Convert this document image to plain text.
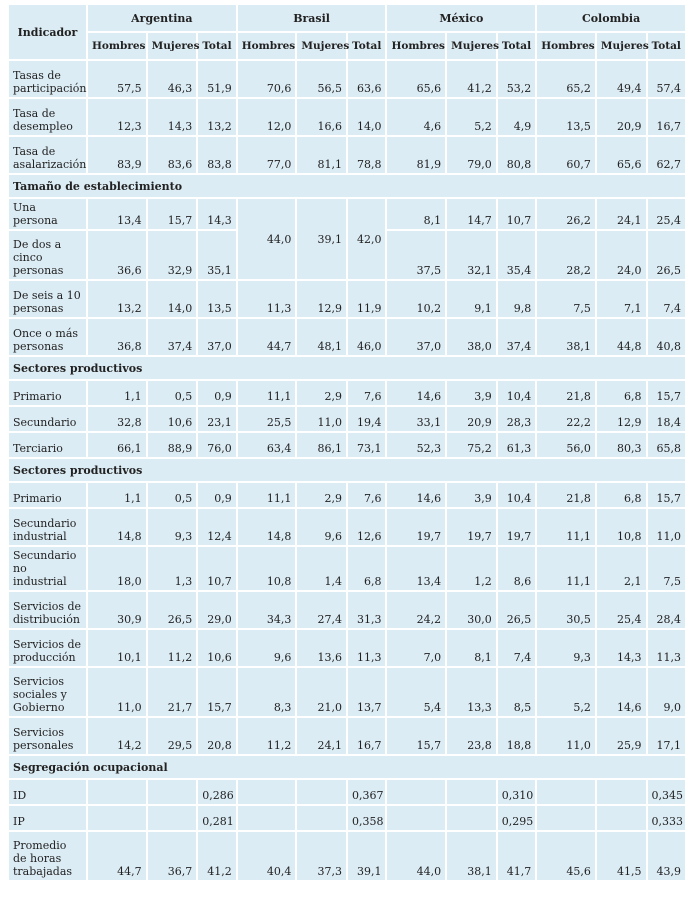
Indicador	Argentina			Brasil			México			Colombia		
	Hombres	Mujeres	Total	Hombres	Mujeres	Total	Hombres	Mujeres	Total	Hombres	Mujeres	Total
Tasas de participación	57,5	46,3	51,9	70,6	56,5	63,6	65,6	41,2	53,2	65,2	49,4	57,4
Tasa de desempleo	12,3	14,3	13,2	12,0	16,6	14,0	4,6	5,2	4,9	13,5	20,9	16,7
Tasa de asalarización	83,9	83,6	83,8	77,0	81,1	78,8	81,9	79,0	80,8	60,7	65,6	62,7
Tamaño de establecimiento												
Una persona	13,4	15,7	14,3	44,0	39,1	42,0	8,1	14,7	10,7	26,2	24,1	25,4
De dos a cinco personas	36,6	32,9	35,1				37,5	32,1	35,4	28,2	24,0	26,5
De seis a 10 personas	13,2	14,0	13,5	11,3	12,9	11,9	10,2	9,1	9,8	7,5	7,1	7,4
Once o más personas	36,8	37,4	37,0	44,7	48,1	46,0	37,0	38,0	37,4	38,1	44,8	40,8
Sectores productivos												
Primario	1,1	0,5	0,9	11,1	2,9	7,6	14,6	3,9	10,4	21,8	6,8	15,7
Secundario	32,8	10,6	23,1	25,5	11,0	19,4	33,1	20,9	28,3	22,2	12,9	18,4
Terciario	66,1	88,9	76,0	63,4	86,1	73,1	52,3	75,2	61,3	56,0	80,3	65,8
Sectores productivos												
Primario	1,1	0,5	0,9	11,1	2,9	7,6	14,6	3,9	10,4	21,8	6,8	15,7
Secundario industrial	14,8	9,3	12,4	14,8	9,6	12,6	19,7	19,7	19,7	11,1	10,8	11,0
Secundario no industrial	18,0	1,3	10,7	10,8	1,4	6,8	13,4	1,2	8,6	11,1	2,1	7,5
Servicios de distribución	30,9	26,5	29,0	34,3	27,4	31,3	24,2	30,0	26,5	30,5	25,4	28,4
Servicios de producción	10,1	11,2	10,6	9,6	13,6	11,3	7,0	8,1	7,4	9,3	14,3	11,3
Servicios sociales y Gobierno	11,0	21,7	15,7	8,3	21,0	13,7	5,4	13,3	8,5	5,2	14,6	9,0
Servicios personales	14,2	29,5	20,8	11,2	24,1	16,7	15,7	23,8	18,8	11,0	25,9	17,1
Segregación ocupacional												
ID			0,286			0,367			0,310			0,345
IP			0,281			0,358			0,295			0,333
Promedio de horas trabajadas	44,7	36,7	41,2	40,4	37,3	39,1	44,0	38,1	41,7	45,6	41,5	43,9
